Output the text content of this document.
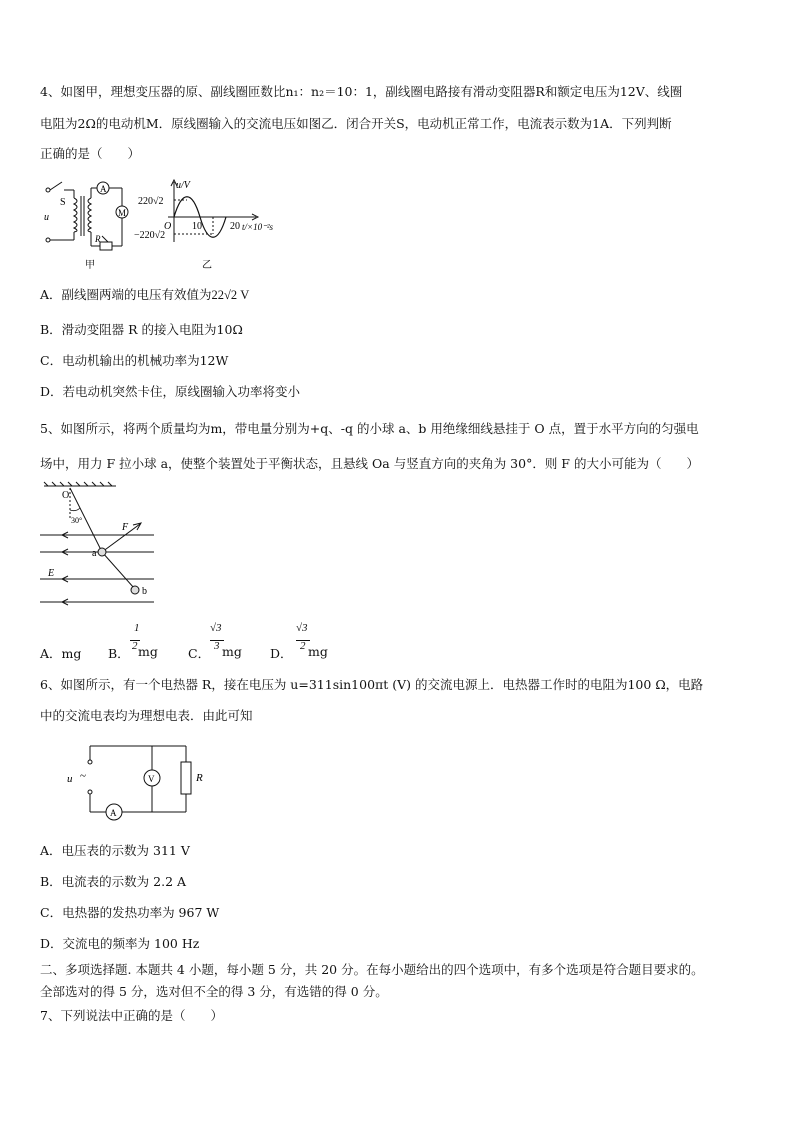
4、如图甲，理想变压器的原、副线圈匝数比n₁：n₂＝10：1，副线圈电路接有滑动变阻器R和额定电压为12V、线圈
电阻为2Ω的电动机M．原线圈输入的交流电压如图乙．闭合开关S，电动机正常工作，电流表示数为1A．下列判断
正确的是（　　）
S
A
M
R
u
甲
u/V
220√2
−220√2
O 10	20 t/×10⁻²s
乙
A．副线圈两端的电压有效值为22√2 V
B．滑动变阻器 R 的接入电阻为10Ω
C．电动机输出的机械功率为12W
D．若电动机突然卡住，原线圈输入功率将变小
5、如图所示，将两个质量均为m，带电量分别为+q、-q 的小球 a、b 用绝缘细线悬挂于 O 点，置于水平方向的匀强电
场中，用力 F 拉小球 a，使整个装置处于平衡状态，且悬线 Oa 与竖直方向的夹角为 30°．则 F 的大小可能为（　　）
O
30°
F
a
b
E
A．mg B．
1
2 mg C．
√3
3 mg D．
√3
2 mg
6、如图所示，有一个电热器 R，接在电压为 u=311sin100πt (V) 的交流电源上．电热器工作时的电阻为100 Ω，电路
中的交流电表均为理想电表．由此可知
u ~	V
A
R
A．电压表的示数为 311 V
B．电流表的示数为 2.2 A
C．电热器的发热功率为 967 W
D．交流电的频率为 100 Hz
二、多项选择题. 本题共 4 小题，每小题 5 分，共 20 分。在每小题给出的四个选项中，有多个选项是符合题目要求的。
全部选对的得 5 分，选对但不全的得 3 分，有选错的得 0 分。
7、下列说法中正确的是（　　）
